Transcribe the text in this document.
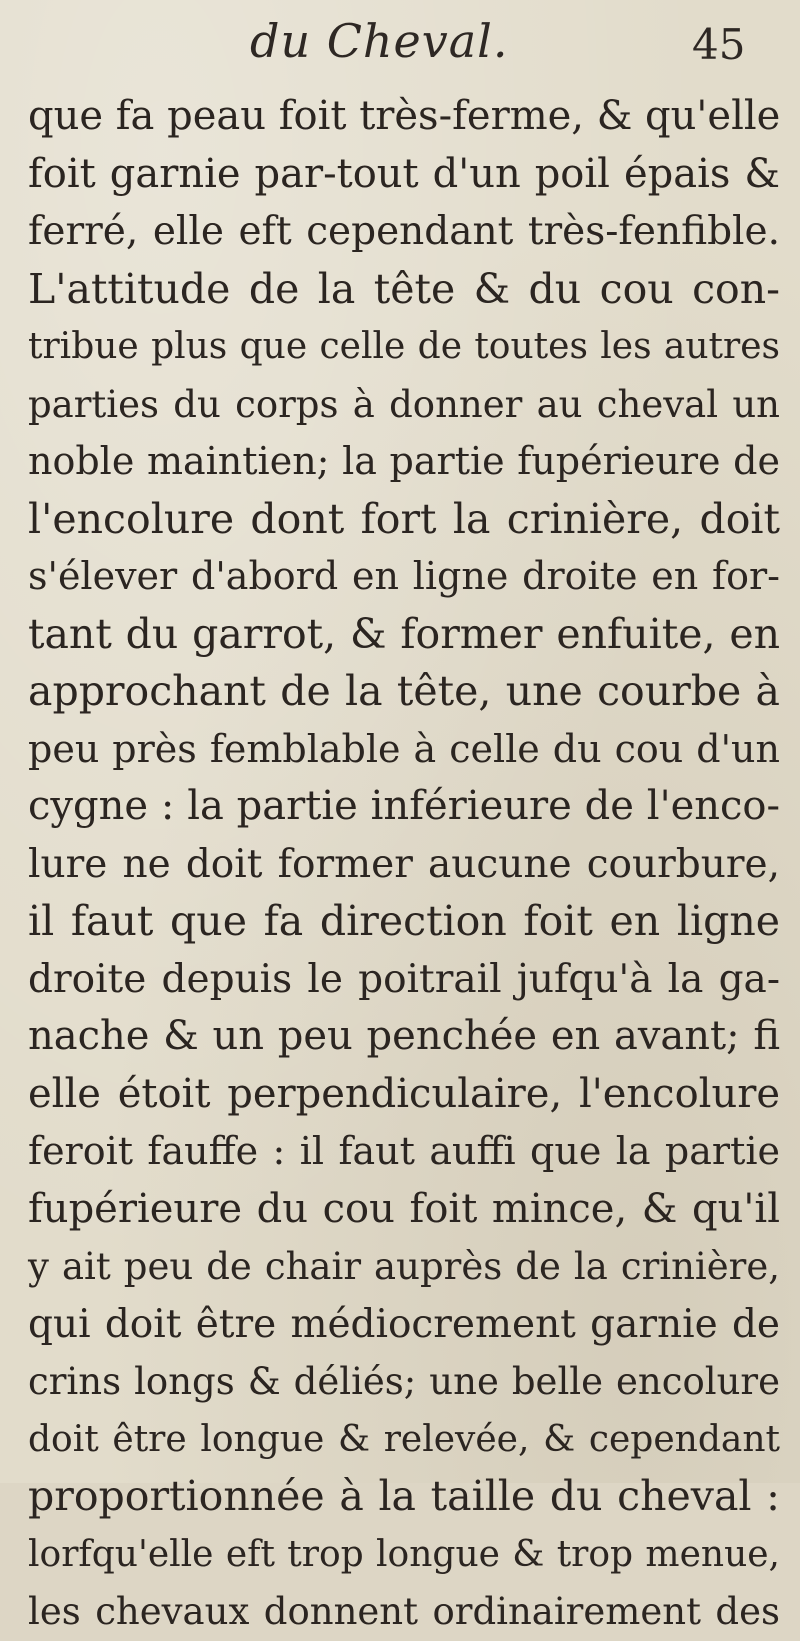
du Cheval.	45
que fa peau foit très-ferme, & qu'elle
foit garnie par-tout d'un poil épais &
ferré, elle eft cependant très-fenfible.
L'attitude de la tête & du cou con-
tribue plus que celle de toutes les autres
parties du corps à donner au cheval un
noble maintien; la partie fupérieure de
l'encolure dont fort la crinière, doit
s'élever d'abord en ligne droite en for-
tant du garrot, & former enfuite, en
approchant de la tête, une courbe à
peu près femblable à celle du cou d'un
cygne : la partie inférieure de l'enco-
lure ne doit former aucune courbure,
il faut que fa direction foit en ligne
droite depuis le poitrail jufqu'à la ga-
nache & un peu penchée en avant; fi
elle étoit perpendiculaire, l'encolure
feroit fauffe : il faut auffi que la partie
fupérieure du cou foit mince, & qu'il
y ait peu de chair auprès de la crinière,
qui doit être médiocrement garnie de
crins longs & déliés; une belle encolure
doit être longue & relevée, & cependant
proportionnée à la taille du cheval :
lorfqu'elle eft trop longue & trop menue,
les chevaux donnent ordinairement des
